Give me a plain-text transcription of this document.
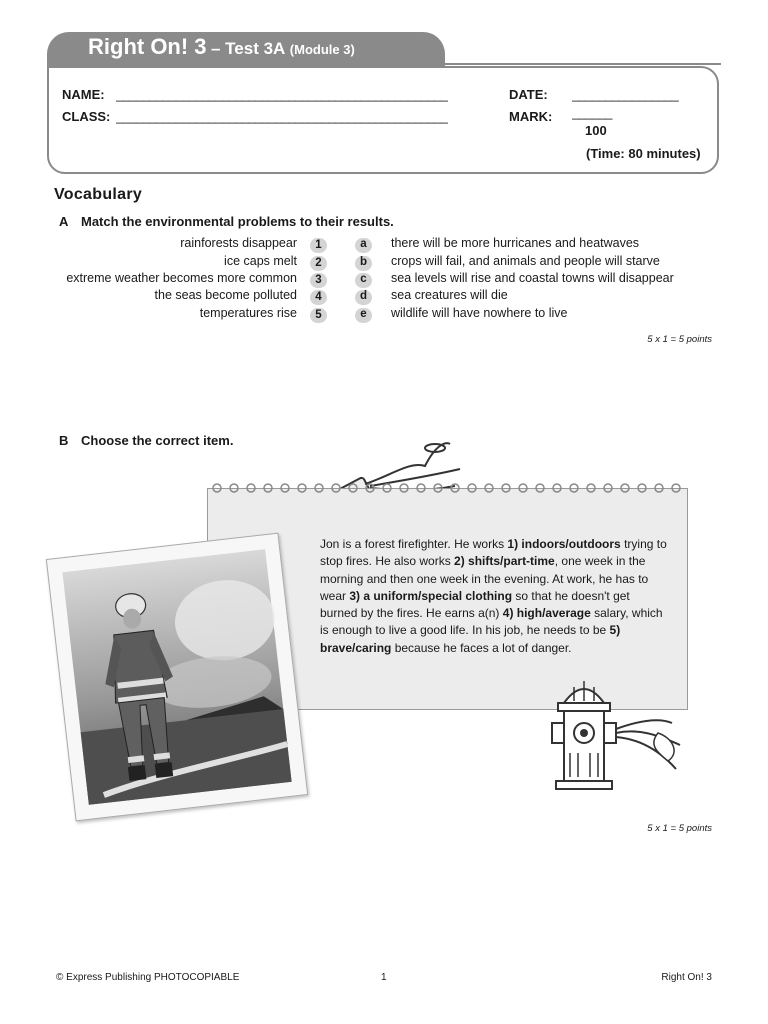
Right On! 3 – Test 3A (Module 3)
NAME: __________________________________________________
CLASS: __________________________________________________
DATE: ________________
MARK: ______
100
(Time: 80 minutes)
Vocabulary
A Match the environmental problems to their results.
rainforests disappear
ice caps melt
extreme weather becomes more common
the seas become polluted
temperatures rise
1
2
3
4
5
a
b
c
d
e
there will be more hurricanes and heatwaves
crops will fail, and animals and people will starve
sea levels will rise and coastal towns will disappear
sea creatures will die
wildlife will have nowhere to live
5 x 1 = 5 points
B Choose the correct item.
Jon is a forest firefighter. He works 1) indoors/outdoors trying to stop fires. He also works 2) shifts/part-time, one week in the morning and then one week in the evening. At work, he has to wear 3) a uniform/special clothing so that he doesn't get burned by the fires. He earns a(n) 4) high/average salary, which is enough to live a good life. In his job, he needs to be 5) brave/caring because he faces a lot of danger.
5 x 1 = 5 points
© Express Publishing PHOTOCOPIABLE	1	Right On! 3
